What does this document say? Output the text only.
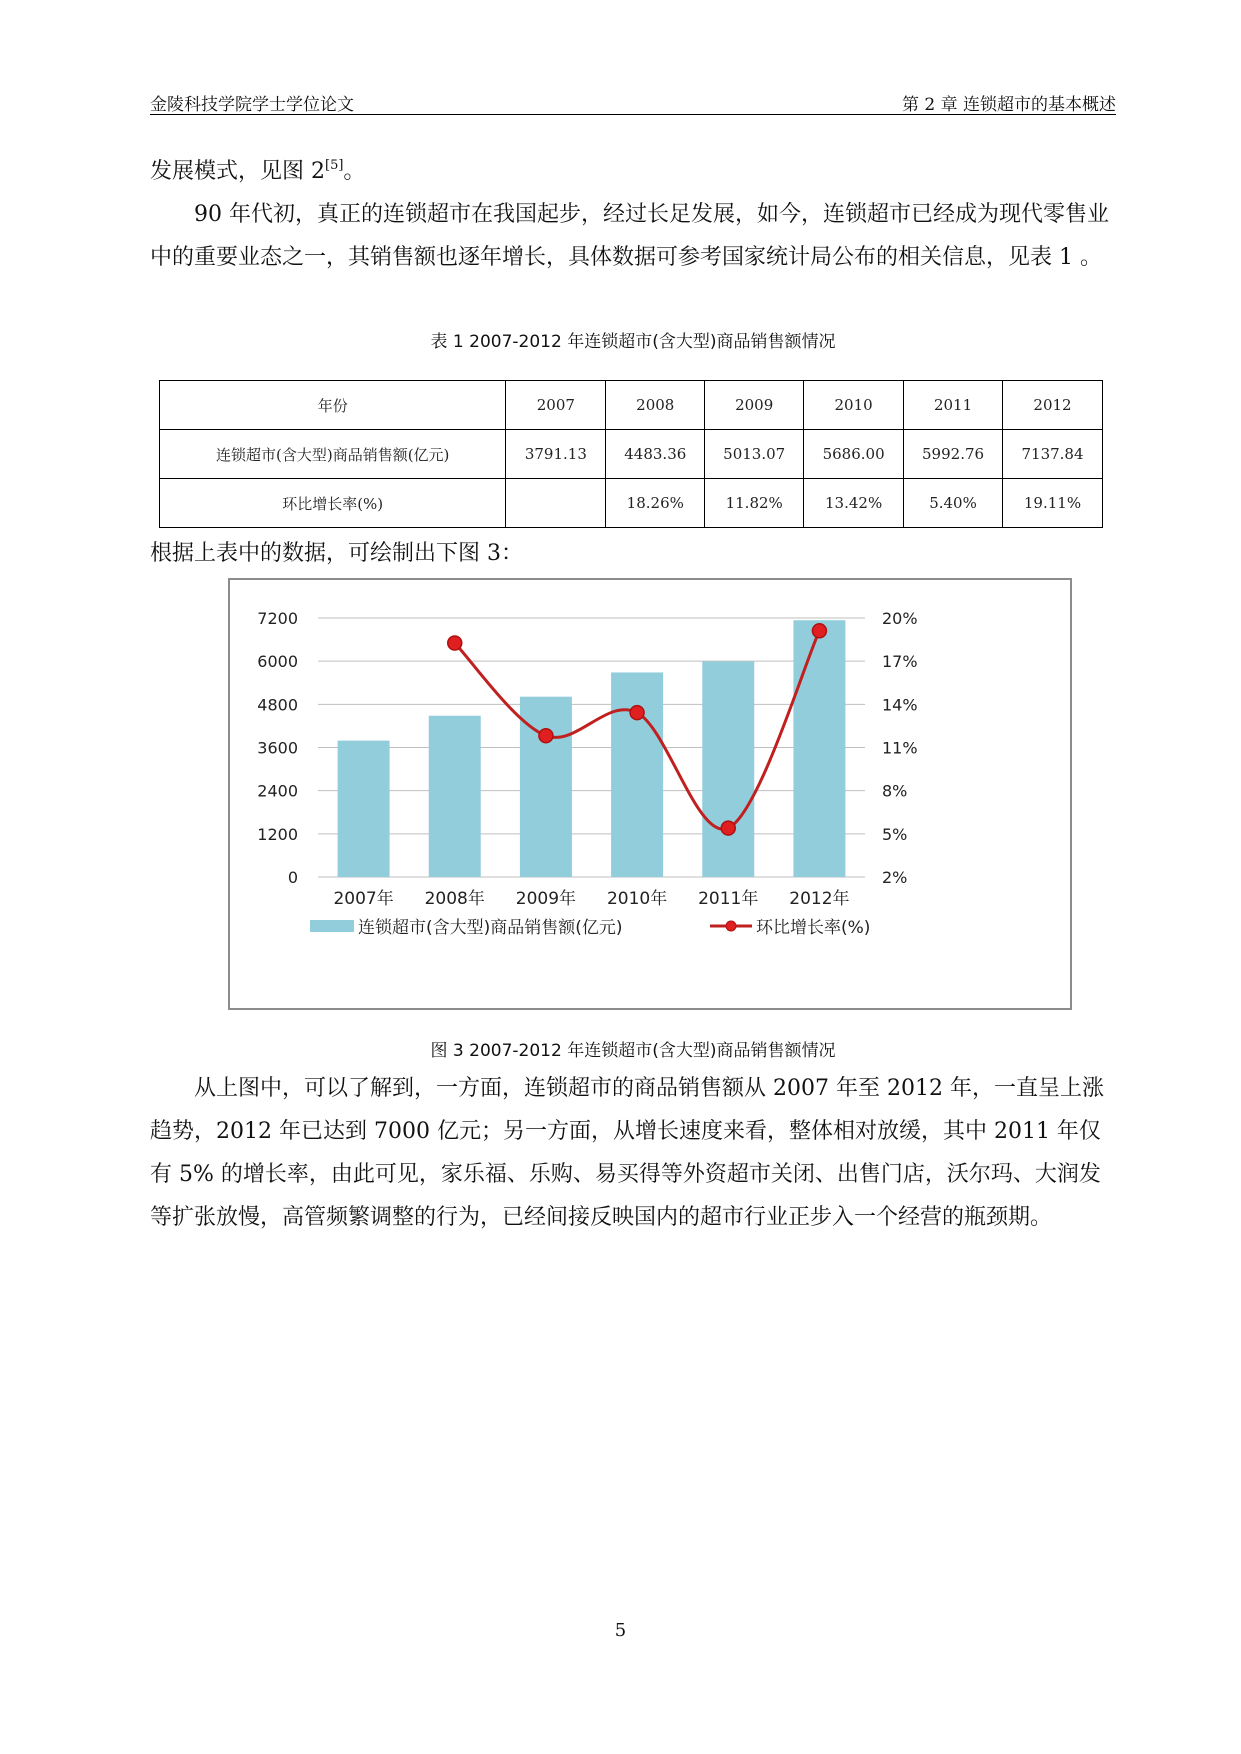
金陵科技学院学士学位论文	第 2 章 连锁超市的基本概述

发展模式，见图 2[5]。

90 年代初，真正的连锁超市在我国起步，经过长足发展，如今，连锁超市已经成为现代零售业中的重要业态之一，其销售额也逐年增长，具体数据可参考国家统计局公布的相关信息，见表 1 。

表 1 2007-2012 年连锁超市(含大型)商品销售额情况
年份	2007	2008	2009	2010	2011	2012
连锁超市(含大型)商品销售额(亿元)	3791.13	4483.36	5013.07	5686.00	5992.76	7137.84
环比增长率(%)		18.26%	11.82%	13.42%	5.40%	19.11%

根据上表中的数据，可绘制出下图 3：

0
1200
2400
3600
4800
6000
7200
2%
5%
8%
11%
14%
17%
20%
2007年 2008年 2009年 2010年 2011年 2012年
连锁超市(含大型)商品销售额(亿元)	环比增长率(%)
图 3 2007-2012 年连锁超市(含大型)商品销售额情况

从上图中，可以了解到，一方面，连锁超市的商品销售额从 2007 年至 2012 年，一直呈上涨趋势，2012 年已达到 7000 亿元；另一方面，从增长速度来看，整体相对放缓，其中 2011 年仅有 5% 的增长率，由此可见，家乐福、乐购、易买得等外资超市关闭、出售门店，沃尔玛、大润发等扩张放慢，高管频繁调整的行为，已经间接反映国内的超市行业正步入一个经营的瓶颈期。

5
